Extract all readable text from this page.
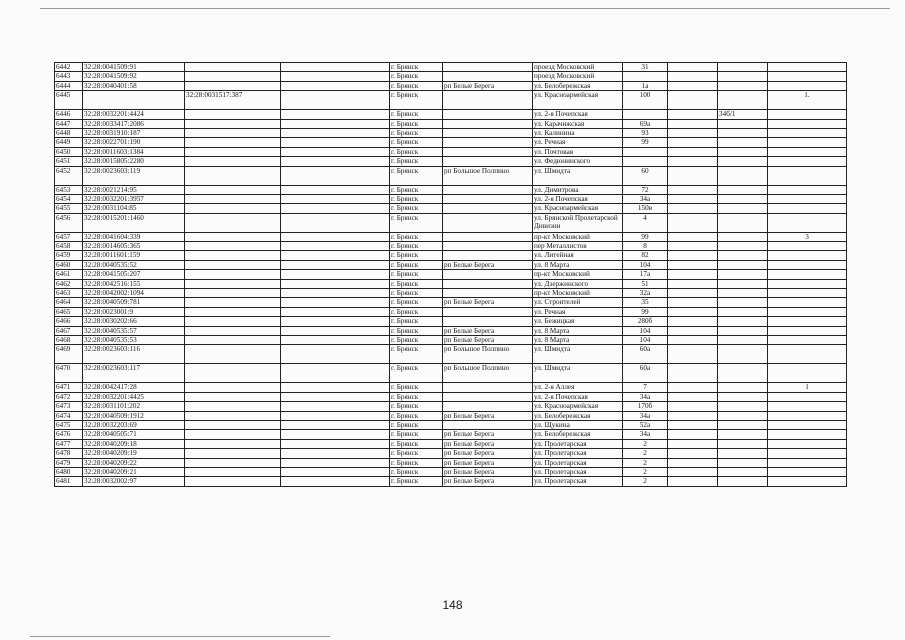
6442	32:28:0041509:91			г. Брянск		проезд Московский	31			
6443	32:28:0041509:92			г. Брянск		проезд Московский				
6444	32:28:0040401:58			г. Брянск	рп Белые Берега	ул. Белобережская	1а			
6445		32:28:0031517:387		г. Брянск		ул. Красноармейская	100			1.
6446	32:28:0032201:4424			г. Брянск		ул. 2-я Почепская			34б/1	
6447	32:28:0033417:2086			г. Брянск		ул. Карачижская	69а			
6448	32:28:0031910:187			г. Брянск		ул. Калинина	93			
6449	32:28:0022701:190			г. Брянск		ул. Речная	99			
6450	32:28:0011603:1384			г. Брянск		ул. Почтовая				
6451	32:28:0015805:2280			г. Брянск		ул. Федюнинского				
6452	32:28:0023603:119			г. Брянск	рп Большое Полпино	ул. Шмидта	60			
6453	32:28:0021214:95			г. Брянск		ул. Димитрова	72			
6454	32:28:0032201:3957			г. Брянск		ул. 2-я Почепская	34а			
6455	32:28:0031104:85			г. Брянск		ул. Красноармейская	150в			
6456	32:28:0015201:1460			г. Брянск		ул. Брянской Пролетарской Дивизии	4			
6457	32:28:0041604:339			г. Брянск		пр-кт Московский	99			3
6458	32:28:0014605:365			г. Брянск		пер Металлистов	8			
6459	32:28:0011601:159			г. Брянск		ул. Литейная	82			
6460	32:28:0040535:52			г. Брянск	рп Белые Берега	ул. 8 Марта	104			
6461	32:28:0041505:207			г. Брянск		пр-кт Московский	17а			
6462	32:28:0042516:155			г. Брянск		ул. Дзержинского	51			
6463	32:28:0042002:1094			г. Брянск		пр-кт Московский	32а			
6464	32:28:0040509:781			г. Брянск	рп Белые Берега	ул. Строителей	35			
6465	32:28:0023001:9			г. Брянск		ул. Речная	99			
6466	32:28:0030202:66			г. Брянск		ул. Бежицкая	280б			
6467	32:28:0040535:57			г. Брянск	рп Белые Берега	ул. 8 Марта	104			
6468	32:28:0040535:53			г. Брянск	рп Белые Берега	ул. 8 Марта	104			
6469	32:28:0023603:116			г. Брянск	рп Большое Полпино	ул. Шмидта	60а			
6470	32:28:0023603:117			г. Брянск	рп Большое Полпино	ул. Шмидта	60а			
6471	32:28:0042417:28			г. Брянск		ул. 2-я Аллея	7			1
6472	32:28:0032201:4425			г. Брянск		ул. 2-я Почепская	34а			
6473	32:28:0031101:202			г. Брянск		ул. Красноармейская	170б			
6474	32:28:0040509:1912			г. Брянск	рп Белые Берега	ул. Белобережская	34а			
6475	32:28:0032203:69			г. Брянск		ул. Щукина	52а			
6476	32:28:0040505:71			г. Брянск	рп Белые Берега	ул. Белобережская	34а			
6477	32:28:0040209:18			г. Брянск	рп Белые Берега	ул. Пролетарская	2			
6478	32:28:0040209:19			г. Брянск	рп Белые Берега	ул. Пролетарская	2			
6479	32:28:0040209:22			г. Брянск	рп Белые Берега	ул. Пролетарская	2			
6480	32:28:0040209:21			г. Брянск	рп Белые Берега	ул. Пролетарская	2			
6481	32:28:0032002:97			г. Брянск	рп Белые Берега	ул. Пролетарская	2			
148
